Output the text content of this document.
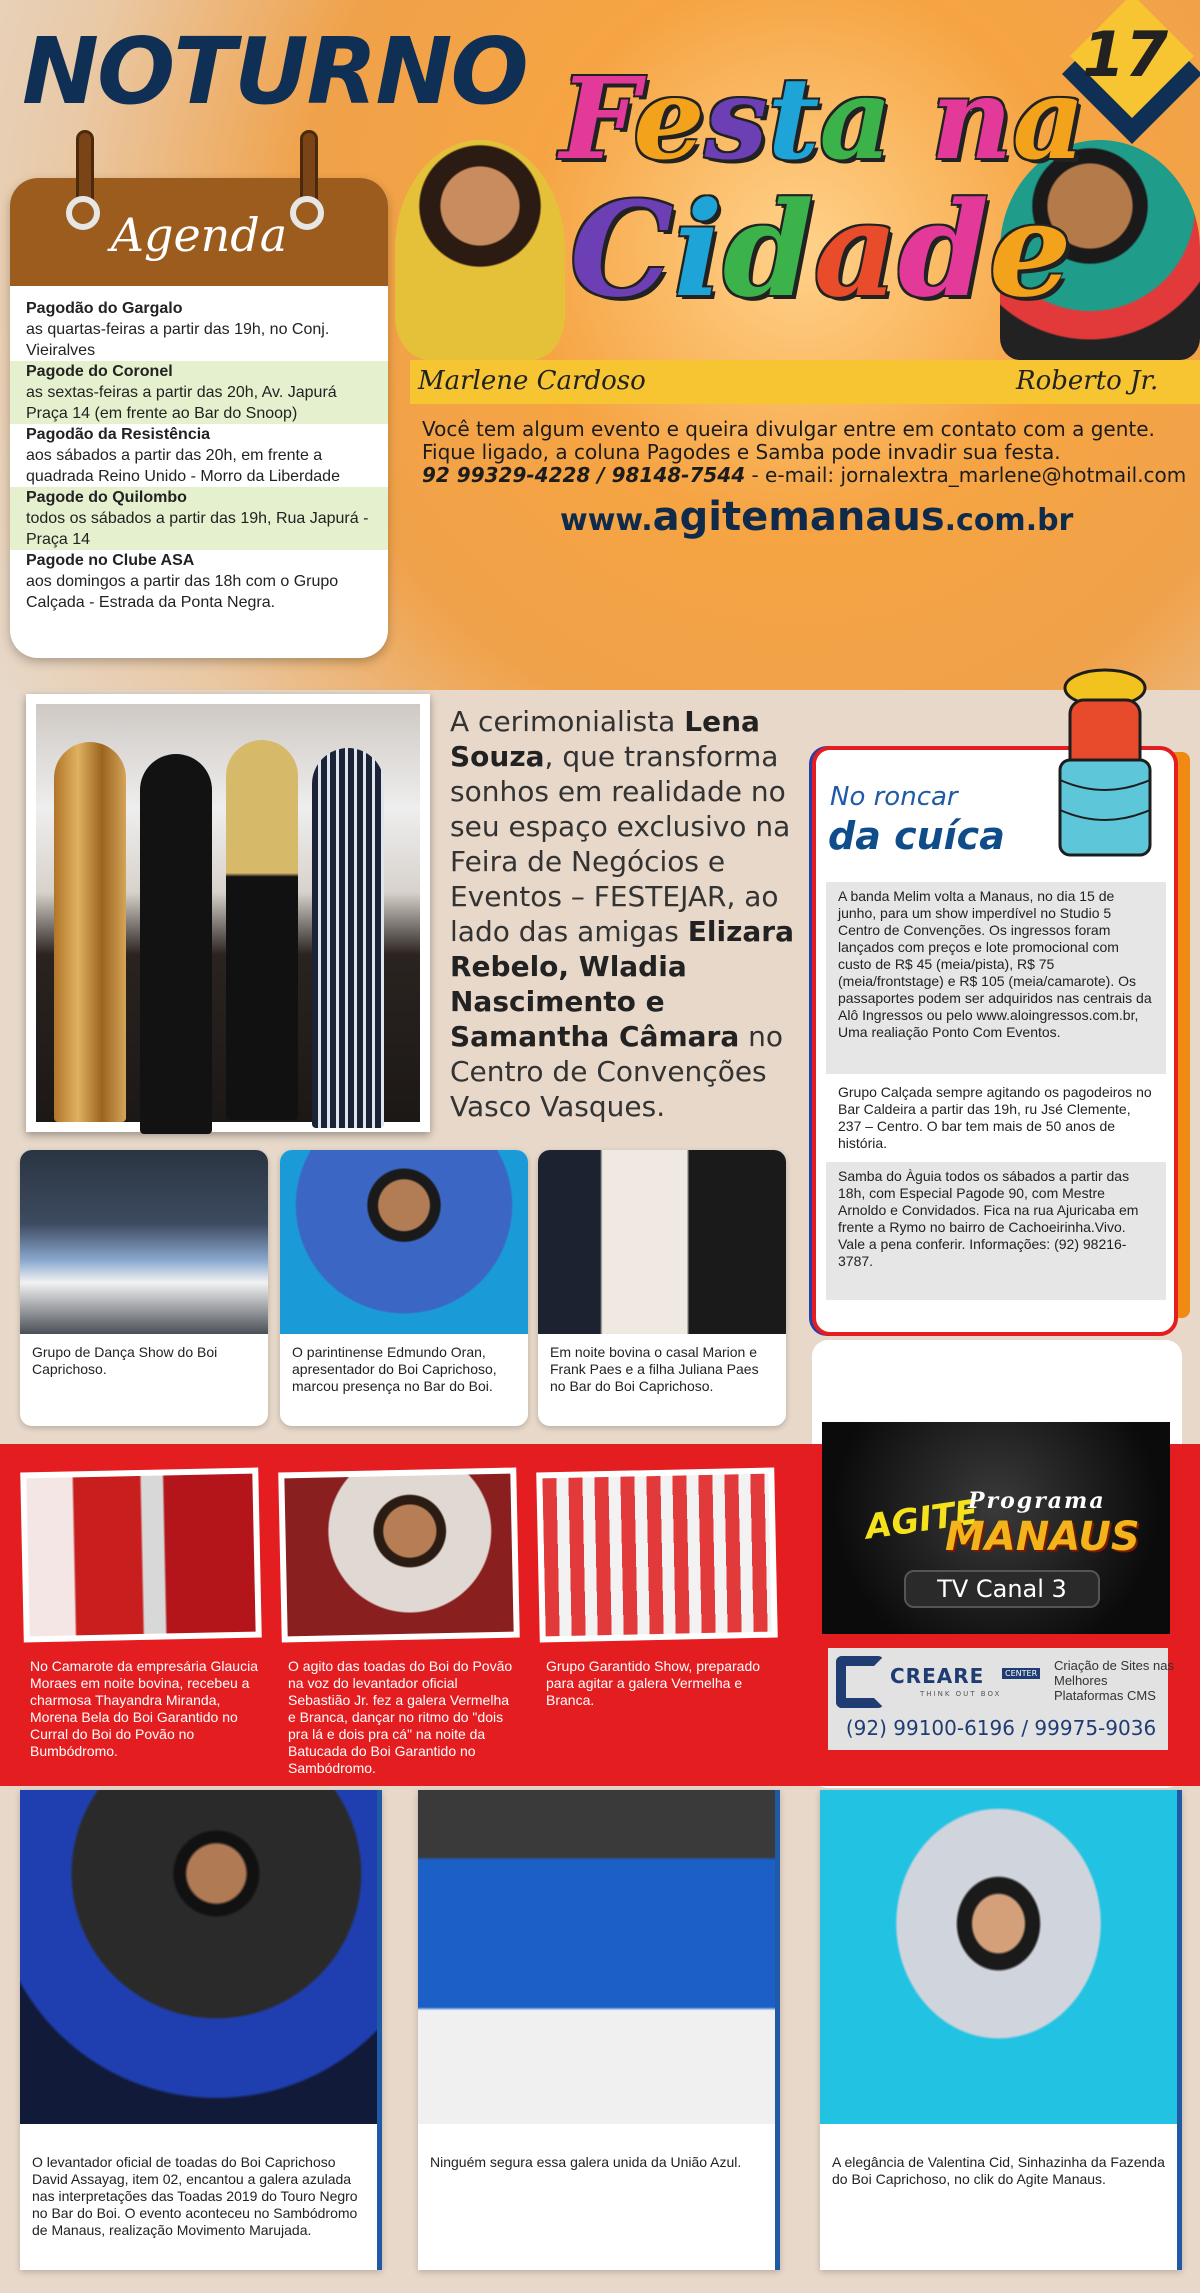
NOTURNO	17
Agenda
Pagodão do Gargalo
as quartas-feiras a partir das 19h, no Conj. Vieiralves
Pagode do Coronel
as sextas-feiras a partir das 20h, Av. Japurá Praça 14 (em frente ao Bar do Snoop)
Pagodão da Resistência
aos sábados a partir das 20h, em frente a quadrada Reino Unido - Morro da Liberdade
Pagode do Quilombo
todos os sábados a partir das 19h, Rua Japurá - Praça 14
Pagode no Clube ASA
aos domingos a partir das 18h com o Grupo Calçada - Estrada da Ponta Negra.
Festa na
Cidade
Marlene Cardoso	Roberto Jr.
Você tem algum evento e queira divulgar entre em contato com a gente.
Fique ligado, a coluna Pagodes e Samba pode invadir sua festa.
92 99329-4228 / 98148-7544 - e-mail: jornalextra_marlene@hotmail.com
www.agitemanaus.com.br
A cerimonialista Lena Souza, que transforma sonhos em realidade no seu espaço exclusivo na Feira de Negócios e Eventos – FESTEJAR, ao lado das amigas Elizara Rebelo, Wladia Nascimento e Samantha Câmara no Centro de Convenções Vasco Vasques.
No roncar
da cuíca
A banda Melim volta a Manaus, no dia 15 de junho, para um show imperdível no Studio 5 Centro de Convenções. Os ingressos foram lançados com preços e lote promocional com custo de R$ 45 (meia/pista), R$ 75 (meia/frontstage) e R$ 105 (meia/camarote). Os passaportes podem ser adquiridos nas centrais da Alô Ingressos ou pelo www.aloingressos.com.br, Uma realiação Ponto Com Eventos.
Grupo Calçada sempre agitando os pagodeiros no Bar Caldeira a partir das 19h, ru Jsé Clemente, 237 – Centro. O bar tem mais de 50 anos de história.
Samba do Àguia todos os sábados a partir das 18h, com Especial Pagode 90, com Mestre Arnoldo e Convidados. Fica na rua Ajuricaba em frente a Rymo no bairro de Cachoeirinha.Vivo. Vale a pena conferir. Informações: (92) 98216-3787.
Grupo de Dança Show do Boi Caprichoso.
O parintinense Edmundo Oran, apresentador do Boi Caprichoso, marcou presença no Bar do Boi.
Em noite bovina o casal Marion e Frank Paes e a filha Juliana Paes no Bar do Boi Caprichoso.
No Camarote da empresária Glaucia Moraes em noite bovina, recebeu a charmosa Thayandra Miranda, Morena Bela do Boi Garantido no Curral do Boi do Povão no Bumbódromo.
O agito das toadas do Boi do Povão na voz do levantador oficial Sebastião Jr. fez a galera Vermelha e Branca, dançar no ritmo do "dois pra lá e dois pra cá" na noite da Batucada do Boi Garantido no Sambódromo.
Grupo Garantido Show, preparado para agitar a galera Vermelha e Branca.
AGITE
Programa
MANAUS
TV Canal 3
CREARE	CENTER
THINK OUT BOX
Criação de Sites nas Melhores Plataformas CMS
(92) 99100-6196 / 99975-9036
O levantador oficial de toadas do Boi Caprichoso David Assayag, item 02, encantou a galera azulada nas interpretações das Toadas 2019 do Touro Negro no Bar do Boi. O evento aconteceu no Sambódromo de Manaus, realização Movimento Marujada.
Ninguém segura essa galera unida da União Azul.	A elegância de Valentina Cid, Sinhazinha da Fazenda do Boi Caprichoso, no clik do Agite Manaus.
